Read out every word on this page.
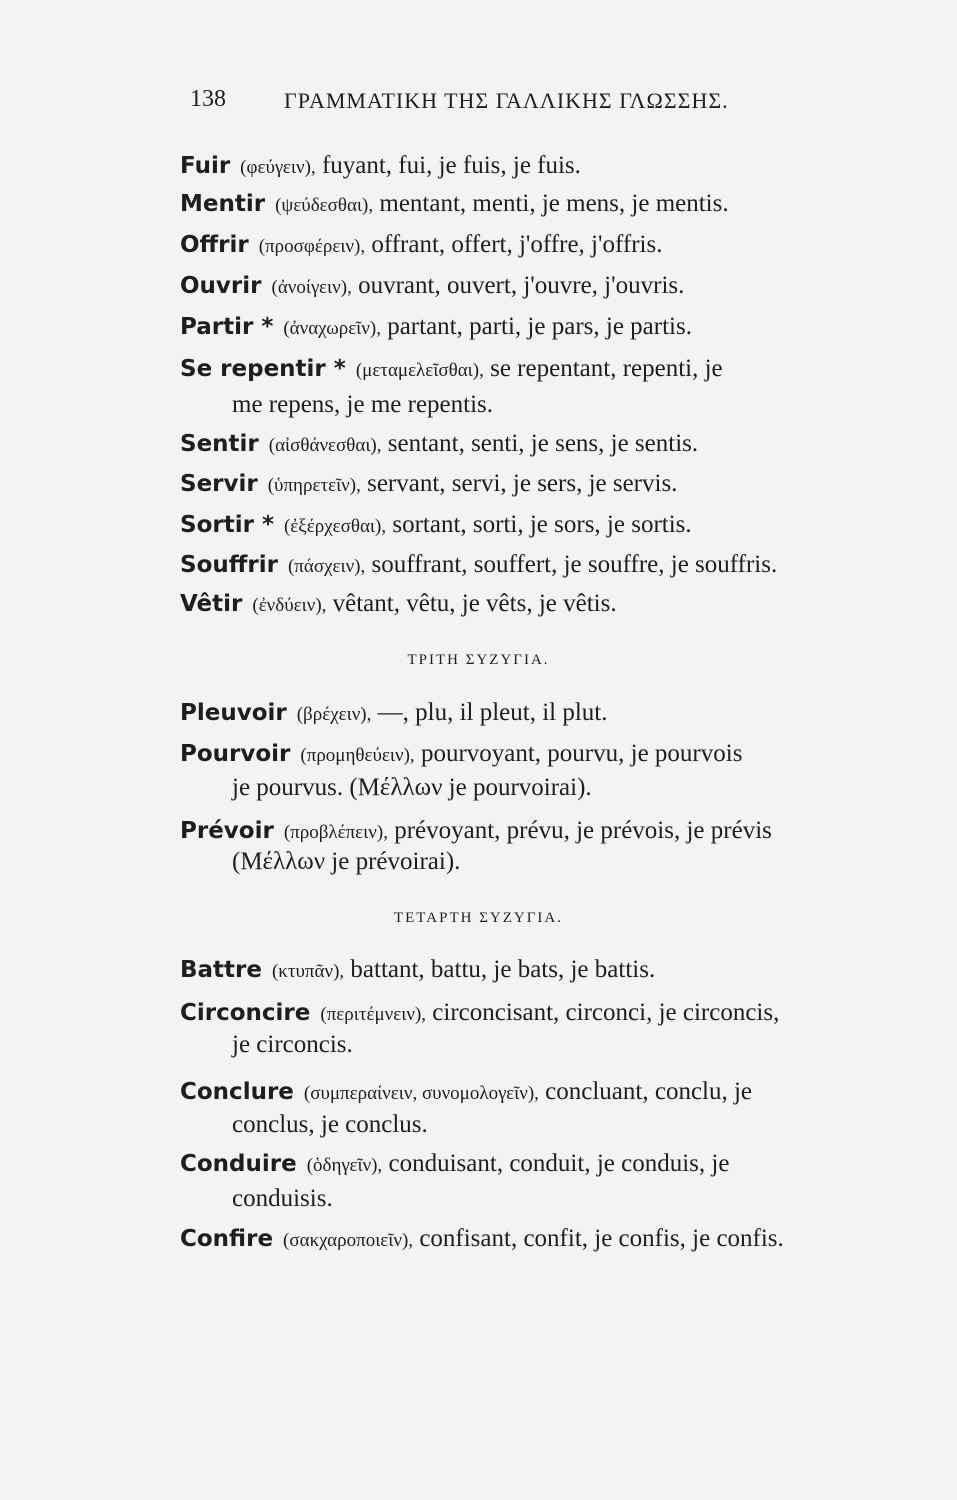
138	ΓΡΑΜΜΑΤΙΚΗ ΤΗΣ ΓΑΛΛΙΚΗΣ ΓΛΩΣΣΗΣ.
Fuir (φεύγειν), fuyant, fui, je fuis, je fuis.
Mentir (ψεύδεσθαι), mentant, menti, je mens, je mentis.
Offrir (προσφέρειν), offrant, offert, j'offre, j'offris.
Ouvrir (ἀνοίγειν), ouvrant, ouvert, j'ouvre, j'ouvris.
Partir * (ἀναχωρεῖν), partant, parti, je pars, je partis.
Se repentir * (μεταμελεῖσθαι), se repentant, repenti, je
me repens, je me repentis.
Sentir (αἰσθάνεσθαι), sentant, senti, je sens, je sentis.
Servir (ὑπηρετεῖν), servant, servi, je sers, je servis.
Sortir * (ἐξέρχεσθαι), sortant, sorti, je sors, je sortis.
Souffrir (πάσχειν), souffrant, souffert, je souffre, je souffris.
Vêtir (ἐνδύειν), vêtant, vêtu, je vêts, je vêtis.
ΤΡΙΤΗ ΣΥΖΥΓΙΑ.
Pleuvoir (βρέχειν), —, plu, il pleut, il plut.
Pourvoir (προμηθεύειν), pourvoyant, pourvu, je pourvois
je pourvus. (Μέλλων je pourvoirai).
Prévoir (προβλέπειν), prévoyant, prévu, je prévois, je prévis
(Μέλλων je prévoirai).
ΤΕΤΑΡΤΗ ΣΥΖΥΓΙΑ.
Battre (κτυπᾶν), battant, battu, je bats, je battis.
Circoncire (περιτέμνειν), circoncisant, circonci, je circoncis,
je circoncis.
Conclure (συμπεραίνειν, συνομολογεῖν), concluant, conclu, je
conclus, je conclus.
Conduire (ὁδηγεῖν), conduisant, conduit, je conduis, je
conduisis.
Confire (σακχαροποιεῖν), confisant, confit, je confis, je confis.
